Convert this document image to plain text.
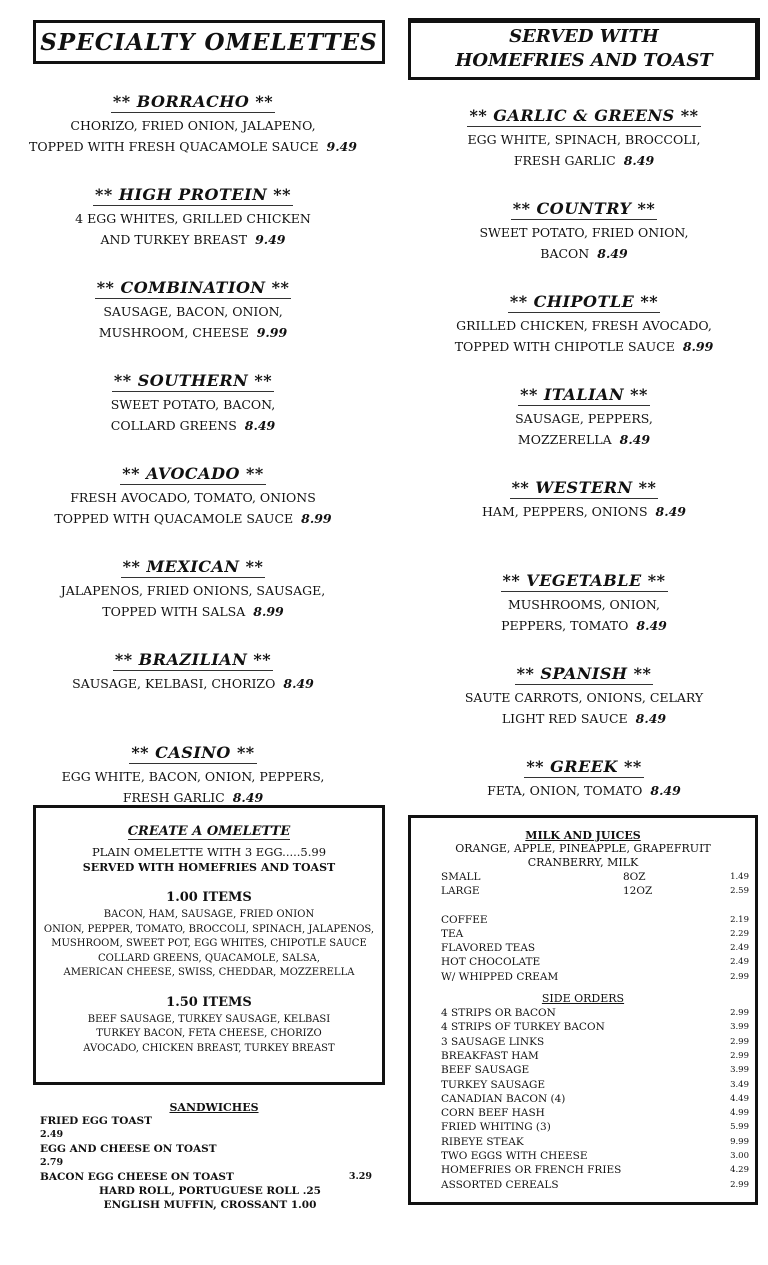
SPECIALTY OMELETTES
** BORRACHO **
CHORIZO, FRIED ONION, JALAPENO,
TOPPED WITH FRESH QUACAMOLE SAUCE 9.49
** HIGH PROTEIN **
4 EGG WHITES, GRILLED CHICKEN
AND TURKEY BREAST 9.49
** COMBINATION **
SAUSAGE, BACON, ONION,
MUSHROOM, CHEESE 9.99
** SOUTHERN **
SWEET POTATO, BACON,
COLLARD GREENS 8.49
** AVOCADO **
FRESH AVOCADO, TOMATO, ONIONS
TOPPED WITH QUACAMOLE SAUCE 8.99
** MEXICAN **
JALAPENOS, FRIED ONIONS, SAUSAGE,
TOPPED WITH SALSA 8.99
** BRAZILIAN **
SAUSAGE, KELBASI, CHORIZO 8.49
** CASINO **
EGG WHITE, BACON, ONION, PEPPERS,
FRESH GARLIC 8.49
CREATE A OMELETTE
PLAIN OMELETTE WITH 3 EGG.....5.99
SERVED WITH HOMEFRIES AND TOAST
1.00 ITEMS
BACON, HAM, SAUSAGE, FRIED ONION
ONION, PEPPER, TOMATO, BROCCOLI, SPINACH, JALAPENOS,
MUSHROOM, SWEET POT, EGG WHITES, CHIPOTLE SAUCE
COLLARD GREENS, QUACAMOLE, SALSA,
AMERICAN CHEESE, SWISS, CHEDDAR, MOZZERELLA
1.50 ITEMS
BEEF SAUSAGE, TURKEY SAUSAGE, KELBASI
TURKEY BACON, FETA CHEESE, CHORIZO
AVOCADO, CHICKEN BREAST, TURKEY BREAST
SANDWICHES
FRIED EGG TOAST
2.49
EGG AND CHEESE ON TOAST
2.79
BACON EGG CHEESE ON TOAST	3.29
HARD ROLL, PORTUGUESE ROLL .25
ENGLISH MUFFIN, CROSSANT 1.00
SERVED WITH
HOMEFRIES AND TOAST
** GARLIC & GREENS **
EGG WHITE, SPINACH, BROCCOLI,
FRESH GARLIC 8.49
** COUNTRY **
SWEET POTATO, FRIED ONION,
BACON 8.49
** CHIPOTLE **
GRILLED CHICKEN, FRESH AVOCADO,
TOPPED WITH CHIPOTLE SAUCE 8.99
** ITALIAN **
SAUSAGE, PEPPERS,
MOZZERELLA 8.49
** WESTERN **
HAM, PEPPERS, ONIONS 8.49
** VEGETABLE **
MUSHROOMS, ONION,
PEPPERS, TOMATO 8.49
** SPANISH **
SAUTE CARROTS, ONIONS, CELARY
LIGHT RED SAUCE 8.49
** GREEK **
FETA, ONION, TOMATO 8.49
MILK AND JUICES
ORANGE, APPLE, PINEAPPLE, GRAPEFRUIT
CRANBERRY, MILK
SMALL	8OZ	1.49
LARGE	12OZ	2.59
COFFEE	2.19
TEA	2.29
FLAVORED TEAS	2.49
HOT CHOCOLATE	2.49
W/ WHIPPED CREAM	2.99
SIDE ORDERS
4 STRIPS OR BACON	2.99
4 STRIPS OF TURKEY BACON	3.99
3 SAUSAGE LINKS	2.99
BREAKFAST HAM	2.99
BEEF SAUSAGE	3.99
TURKEY SAUSAGE	3.49
CANADIAN BACON (4)	4.49
CORN BEEF HASH	4.99
FRIED WHITING (3)	5.99
RIBEYE STEAK	9.99
TWO EGGS WITH CHEESE	3.00
HOMEFRIES OR FRENCH FRIES	4.29
ASSORTED CEREALS	2.99
